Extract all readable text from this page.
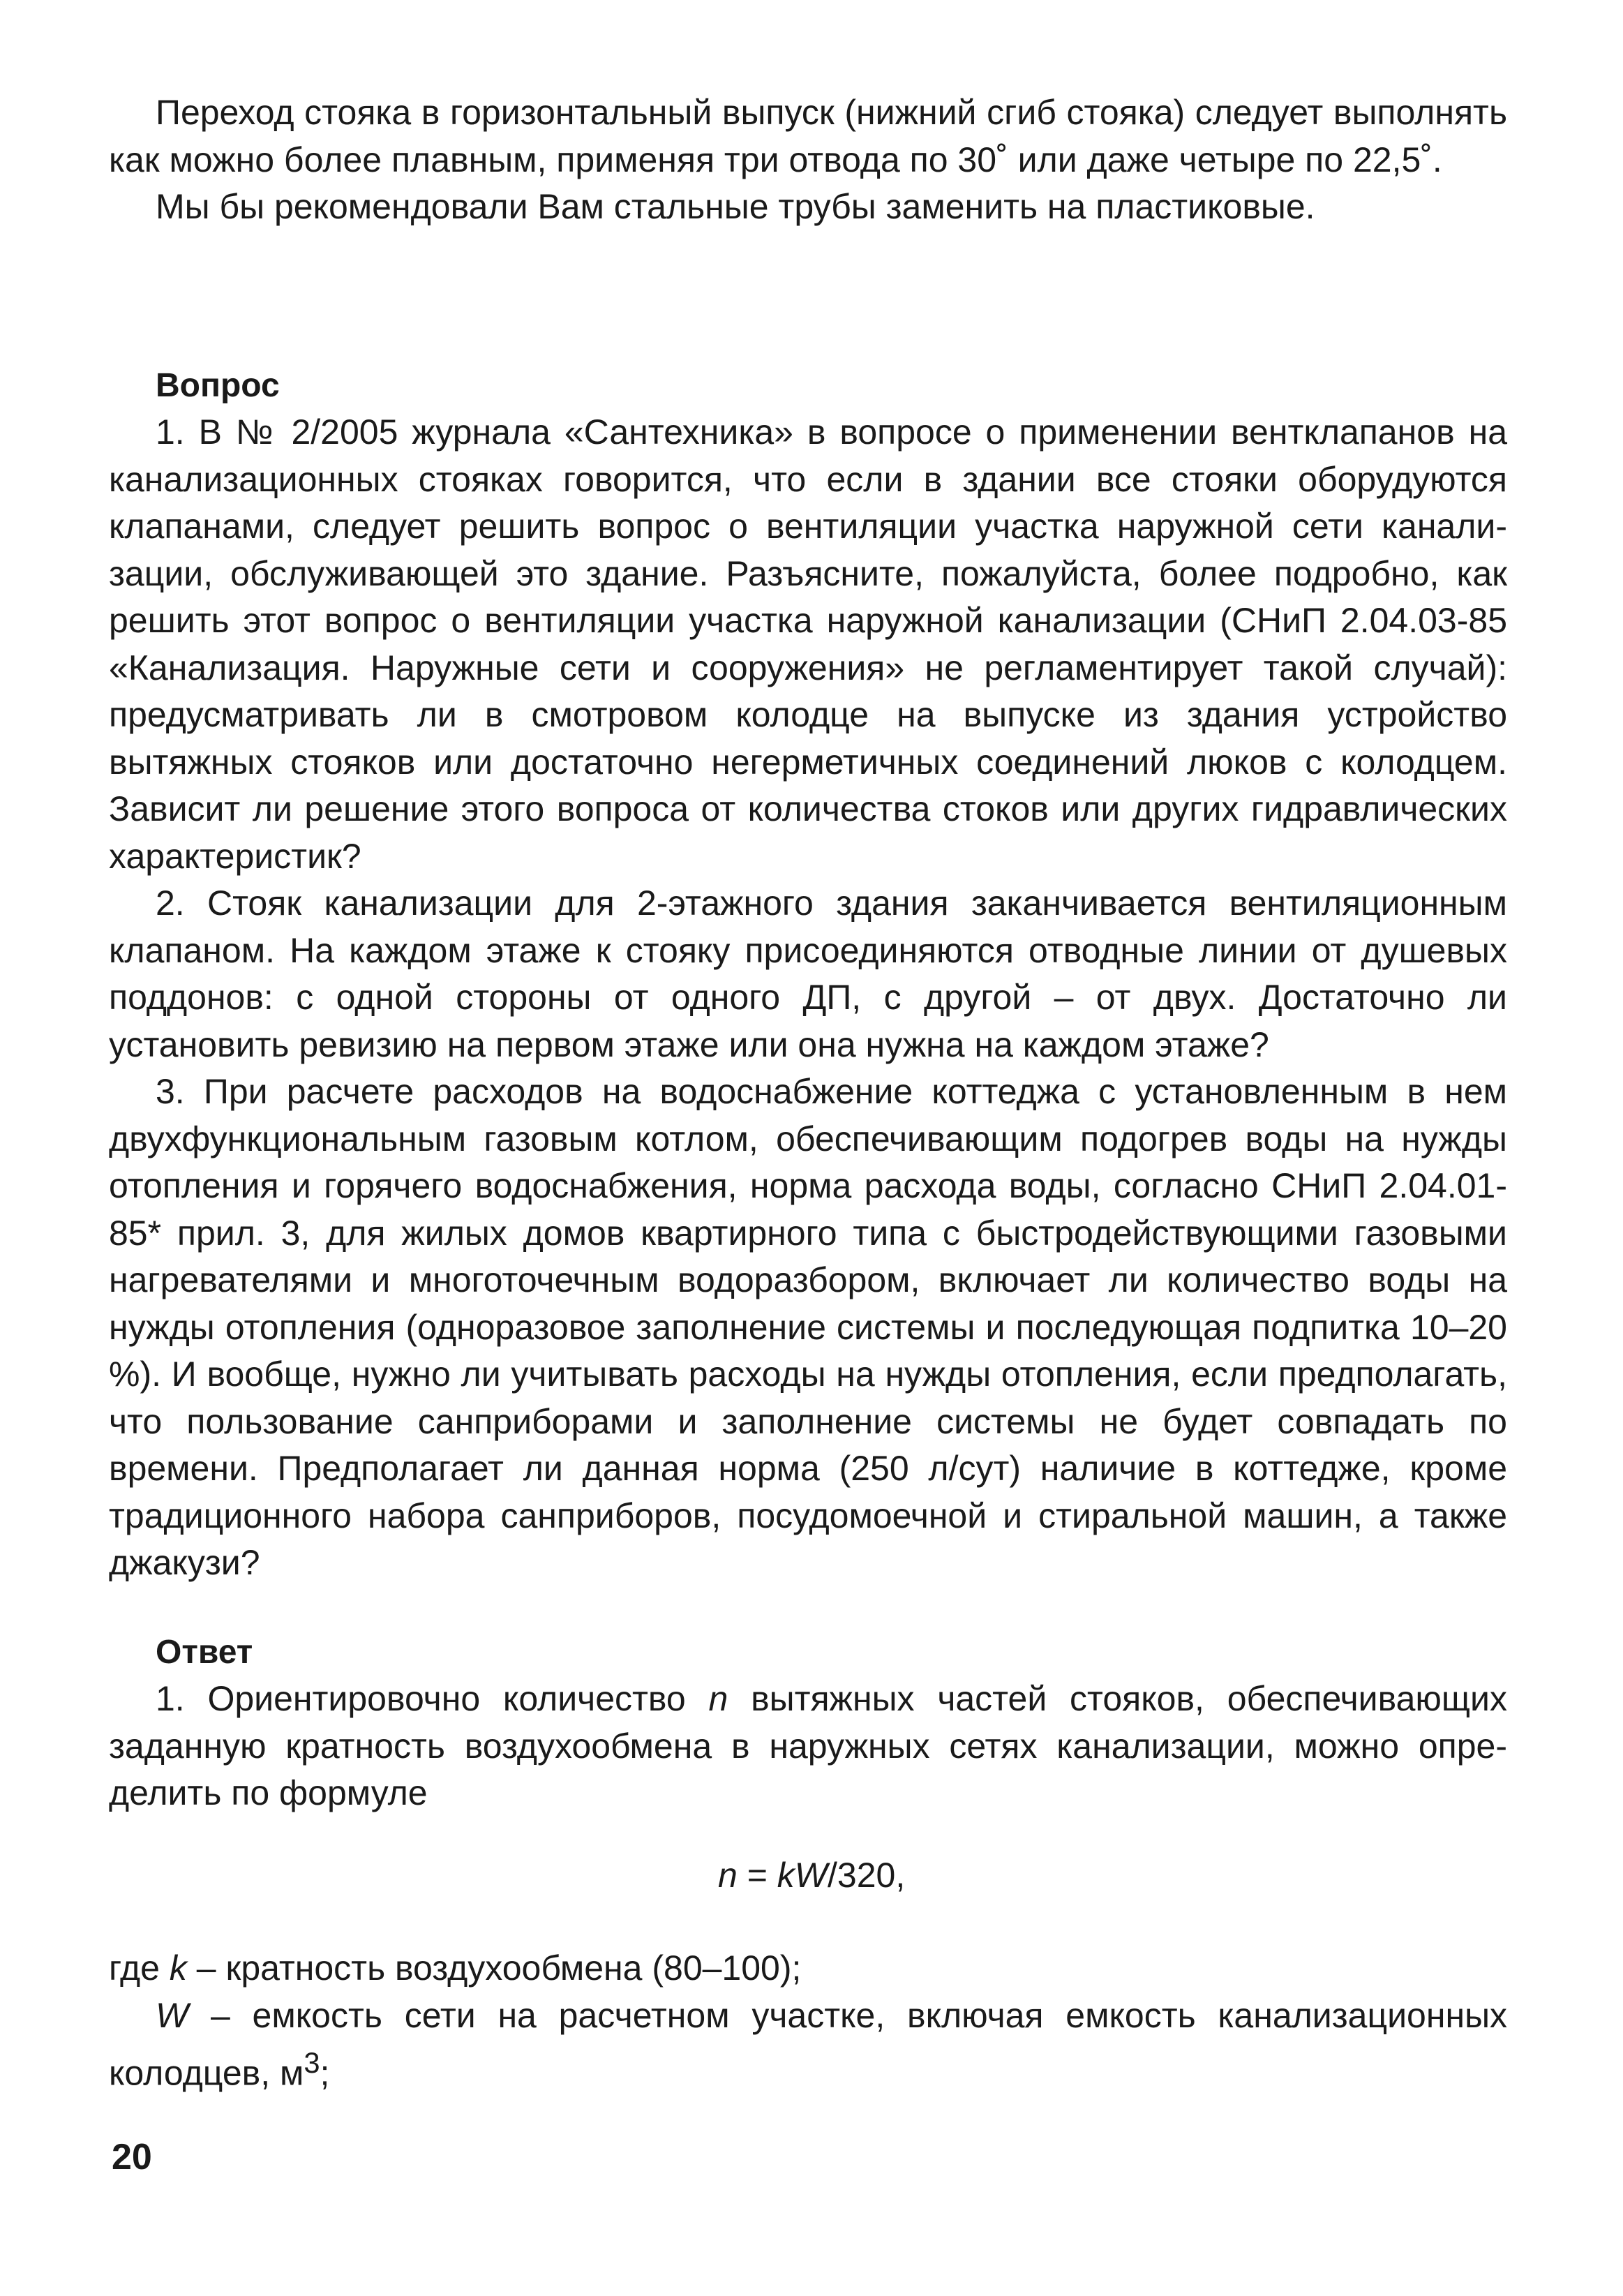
Переход стояка в горизонтальный выпуск (нижний сгиб стояка) следует выполнять как можно более плавным, применяя три отвода по 30˚ или даже четыре по 22,5˚.

Мы бы рекомендовали Вам стальные трубы заменить на пластиковые.

Вопрос

1. В № 2/2005 журнала «Сантехника» в вопросе о применении вентклапанов на канализационных стояках говорится, что если в здании все стояки оборудуются клапанами, следует решить вопрос о вентиляции участка наружной сети канализации, обслуживающей это здание. Разъясните, пожалуйста, более подробно, как решить этот вопрос о вентиляции участка наружной канализации (СНиП 2.04.03-85 «Канализация. Наружные сети и сооружения» не регламентирует такой случай): предусматривать ли в смотровом колодце на выпуске из здания устройство вытяжных стояков или достаточно негерметичных соединений люков с колодцем. Зависит ли решение этого вопроса от количества стоков или других гидравлических характеристик?

2. Стояк канализации для 2-этажного здания заканчивается вентиляционным клапаном. На каждом этаже к стояку присоединяются отводные линии от душевых поддонов: с одной стороны от одного ДП, с другой – от двух. Достаточно ли установить ревизию на первом этаже или она нужна на каждом этаже?

3. При расчете расходов на водоснабжение коттеджа с установленным в нем двухфункциональным газовым котлом, обеспечивающим подогрев воды на нужды отопления и горячего водоснабжения, норма расхода воды, согласно СНиП 2.04.01-85* прил. 3, для жилых домов квартирного типа с быстродействующими газовыми нагревателями и многоточечным водоразбором, включает ли количество воды на нужды отопления (одноразовое заполнение системы и последующая подпитка 10–20 %). И вообще, нужно ли учитывать расходы на нужды отопления, если предполагать, что пользование санприборами и заполнение системы не будет совпадать по времени. Предполагает ли данная норма (250 л/сут) наличие в коттедже, кроме традиционного набора санприборов, посудомоечной и стиральной машин, а также джакузи?

Ответ

1. Ориентировочно количество n вытяжных частей стояков, обеспечивающих заданную кратность воздухообмена в наружных сетях канализации, можно определить по формуле

n = kW/320,

где k – кратность воздухообмена (80–100);

W – емкость сети на расчетном участке, включая емкость канализационных колодцев, $м^3$;

20
